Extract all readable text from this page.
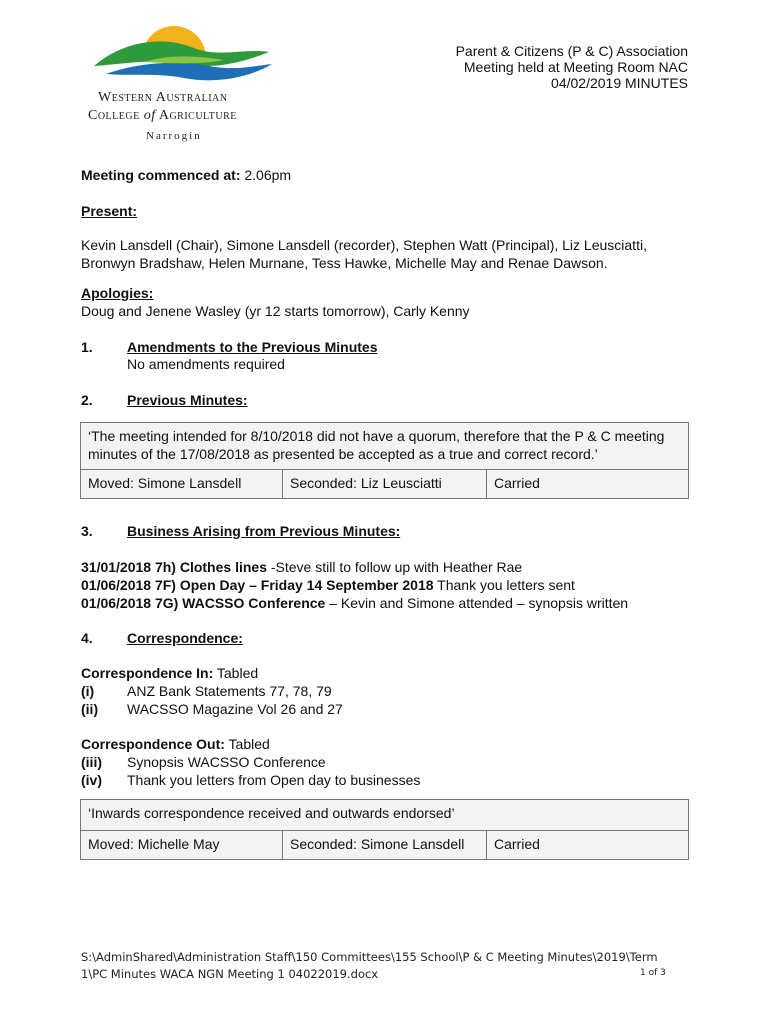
Western Australian
College of Agriculture
Narrogin
Parent & Citizens (P & C) Association
Meeting held at Meeting Room NAC
04/02/2019 MINUTES
Meeting commenced at: 2.06pm
Present:
Kevin Lansdell (Chair), Simone Lansdell (recorder), Stephen Watt (Principal), Liz Leusciatti,
Bronwyn Bradshaw, Helen Murnane, Tess Hawke, Michelle May and Renae Dawson.
Apologies:
Doug and Jenene Wasley (yr 12 starts tomorrow), Carly Kenny
1. Amendments to the Previous Minutes
No amendments required
2. Previous Minutes:
‘The meeting intended for 8/10/2018 did not have a quorum, therefore that the P & C meeting
minutes of the 17/08/2018 as presented be accepted as a true and correct record.’

Moved: Simone Lansdell	Seconded: Liz Leusciatti	Carried
3. Business Arising from Previous Minutes:
31/01/2018 7h) Clothes lines -Steve still to follow up with Heather Rae
01/06/2018 7F) Open Day – Friday 14 September 2018 Thank you letters sent
01/06/2018 7G) WACSSO Conference – Kevin and Simone attended – synopsis written
4. Correspondence:
Correspondence In: Tabled
(i) ANZ Bank Statements 77, 78, 79
(ii) WACSSO Magazine Vol 26 and 27
Correspondence Out: Tabled
(iii) Synopsis WACSSO Conference
(iv) Thank you letters from Open day to businesses
‘Inwards correspondence received and outwards endorsed’
Moved: Michelle May	Seconded: Simone Lansdell	Carried
S:\AdminShared\Administration Staff\150 Committees\155 School\P & C Meeting Minutes\2019\Term
1\PC Minutes WACA NGN Meeting 1 04022019.docx	1 of 3
